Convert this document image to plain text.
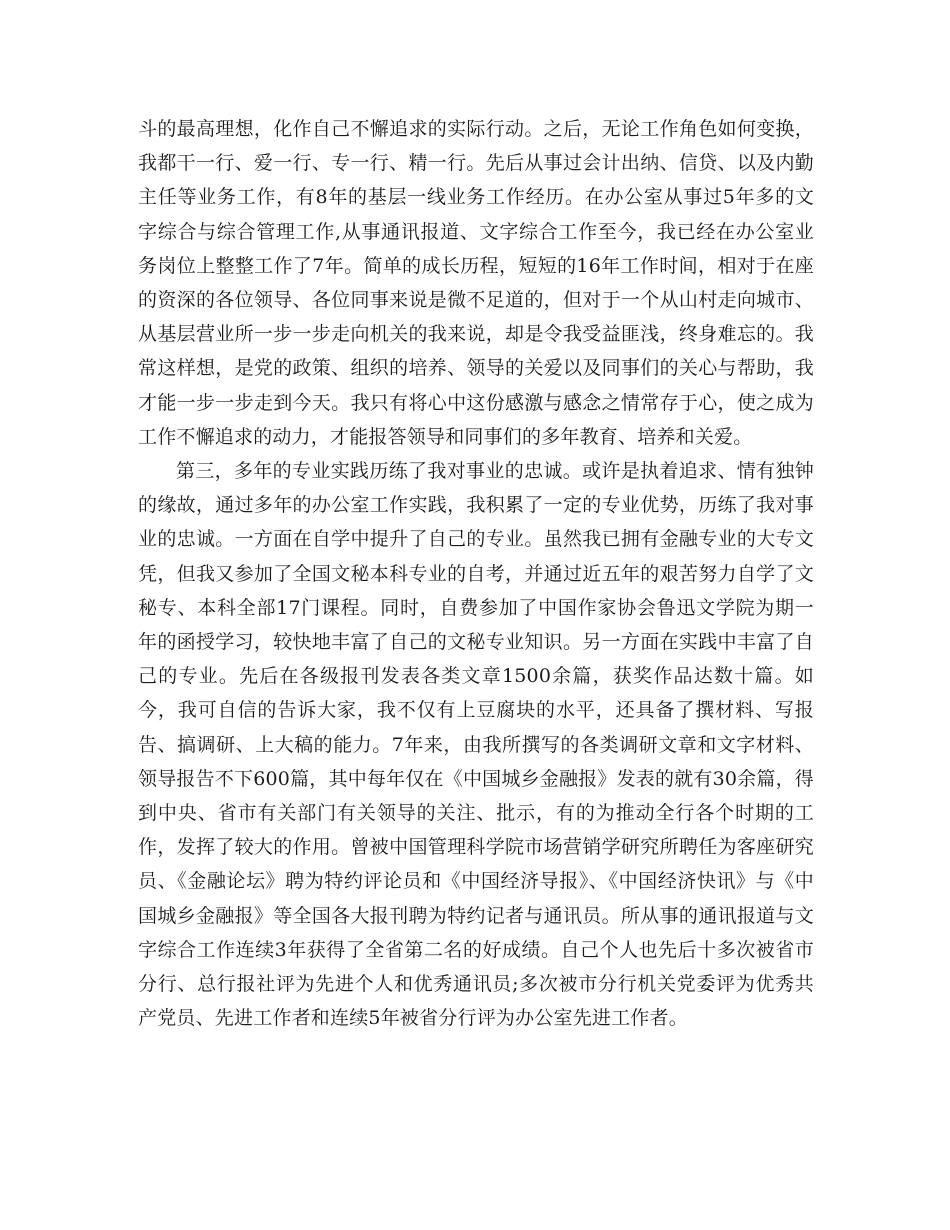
斗的最高理想，化作自己不懈追求的实际行动。之后，无论工作角色如何变换，我都干一行、爱一行、专一行、精一行。先后从事过会计出纳、信贷、以及内勤主任等业务工作，有8年的基层一线业务工作经历。在办公室从事过5年多的文字综合与综合管理工作,从事通讯报道、文字综合工作至今，我已经在办公室业务岗位上整整工作了7年。简单的成长历程，短短的16年工作时间，相对于在座的资深的各位领导、各位同事来说是微不足道的，但对于一个从山村走向城市、从基层营业所一步一步走向机关的我来说，却是令我受益匪浅，终身难忘的。我常这样想，是党的政策、组织的培养、领导的关爱以及同事们的关心与帮助，我才能一步一步走到今天。我只有将心中这份感激与感念之情常存于心，使之成为工作不懈追求的动力，才能报答领导和同事们的多年教育、培养和关爱。

第三，多年的专业实践历练了我对事业的忠诚。或许是执着追求、情有独钟的缘故，通过多年的办公室工作实践，我积累了一定的专业优势，历练了我对事业的忠诚。一方面在自学中提升了自己的专业。虽然我已拥有金融专业的大专文凭，但我又参加了全国文秘本科专业的自考，并通过近五年的艰苦努力自学了文秘专、本科全部17门课程。同时，自费参加了中国作家协会鲁迅文学院为期一年的函授学习，较快地丰富了自己的文秘专业知识。另一方面在实践中丰富了自己的专业。先后在各级报刊发表各类文章1500余篇，获奖作品达数十篇。如今，我可自信的告诉大家，我不仅有上豆腐块的水平，还具备了撰材料、写报告、搞调研、上大稿的能力。7年来，由我所撰写的各类调研文章和文字材料、领导报告不下600篇，其中每年仅在《中国城乡金融报》发表的就有30余篇，得到中央、省市有关部门有关领导的关注、批示，有的为推动全行各个时期的工作，发挥了较大的作用。曾被中国管理科学院市场营销学研究所聘任为客座研究员、《金融论坛》聘为特约评论员和《中国经济导报》、《中国经济快讯》与《中国城乡金融报》等全国各大报刊聘为特约记者与通讯员。所从事的通讯报道与文字综合工作连续3年获得了全省第二名的好成绩。自己个人也先后十多次被省市分行、总行报社评为先进个人和优秀通讯员;多次被市分行机关党委评为优秀共产党员、先进工作者和连续5年被省分行评为办公室先进工作者。
